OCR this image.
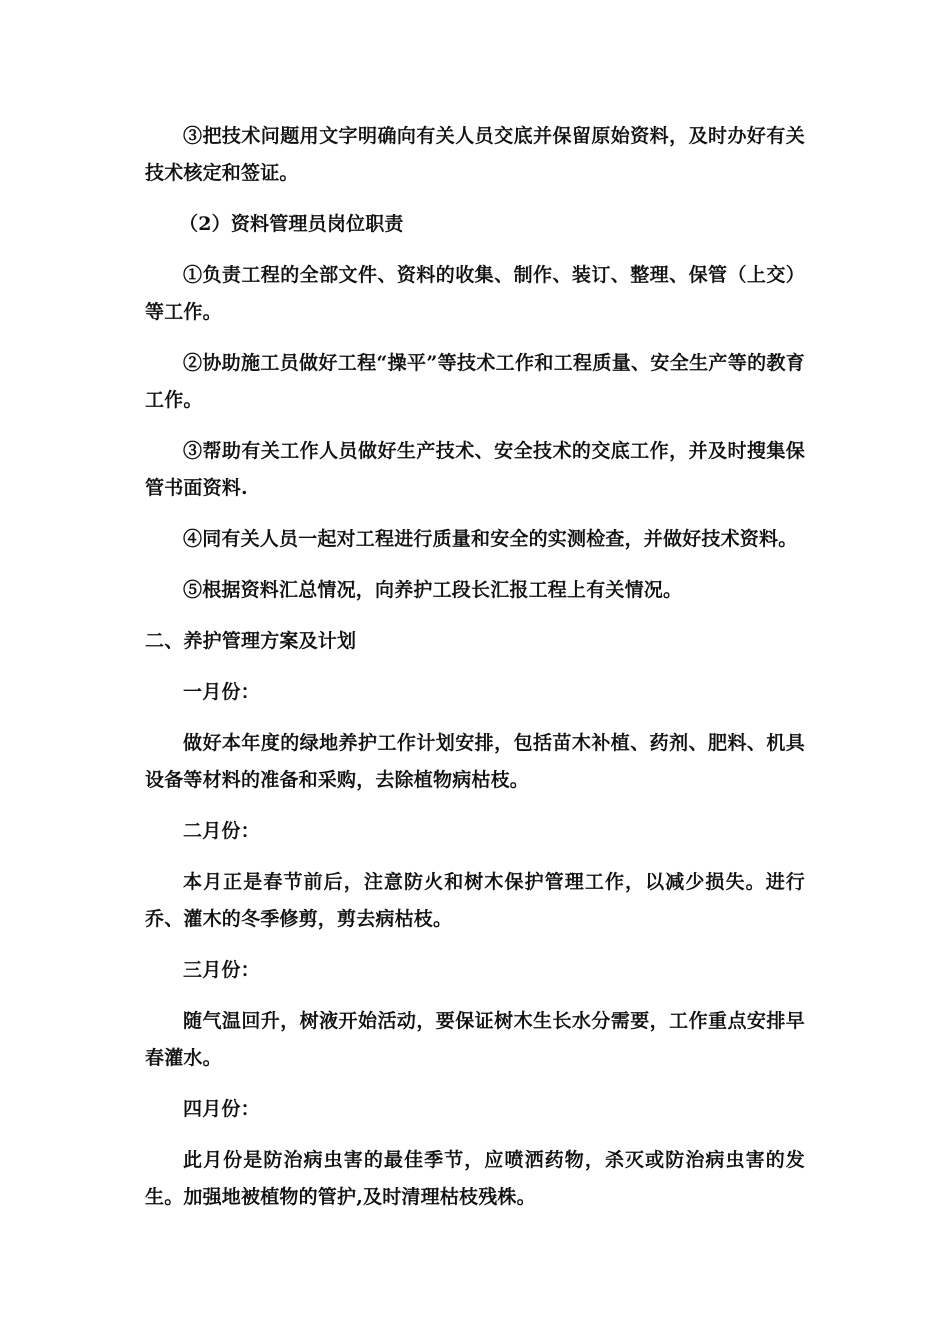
③把技术问题用文字明确向有关人员交底并保留原始资料，及时办好有关技术核定和签证。

（2）资料管理员岗位职责

①负责工程的全部文件、资料的收集、制作、装订、整理、保管（上交）等工作。

②协助施工员做好工程“操平”等技术工作和工程质量、安全生产等的教育工作。

③帮助有关工作人员做好生产技术、安全技术的交底工作，并及时搜集保管书面资料.

④同有关人员一起对工程进行质量和安全的实测检查，并做好技术资料。

⑤根据资料汇总情况，向养护工段长汇报工程上有关情况。

二、养护管理方案及计划

一月份：

做好本年度的绿地养护工作计划安排，包括苗木补植、药剂、肥料、机具设备等材料的准备和采购，去除植物病枯枝。

二月份：

本月正是春节前后，注意防火和树木保护管理工作，以减少损失。进行乔、灌木的冬季修剪，剪去病枯枝。

三月份：

随气温回升，树液开始活动，要保证树木生长水分需要，工作重点安排早春灌水。

四月份：

此月份是防治病虫害的最佳季节，应喷洒药物，杀灭或防治病虫害的发生。加强地被植物的管护,及时清理枯枝残株。
